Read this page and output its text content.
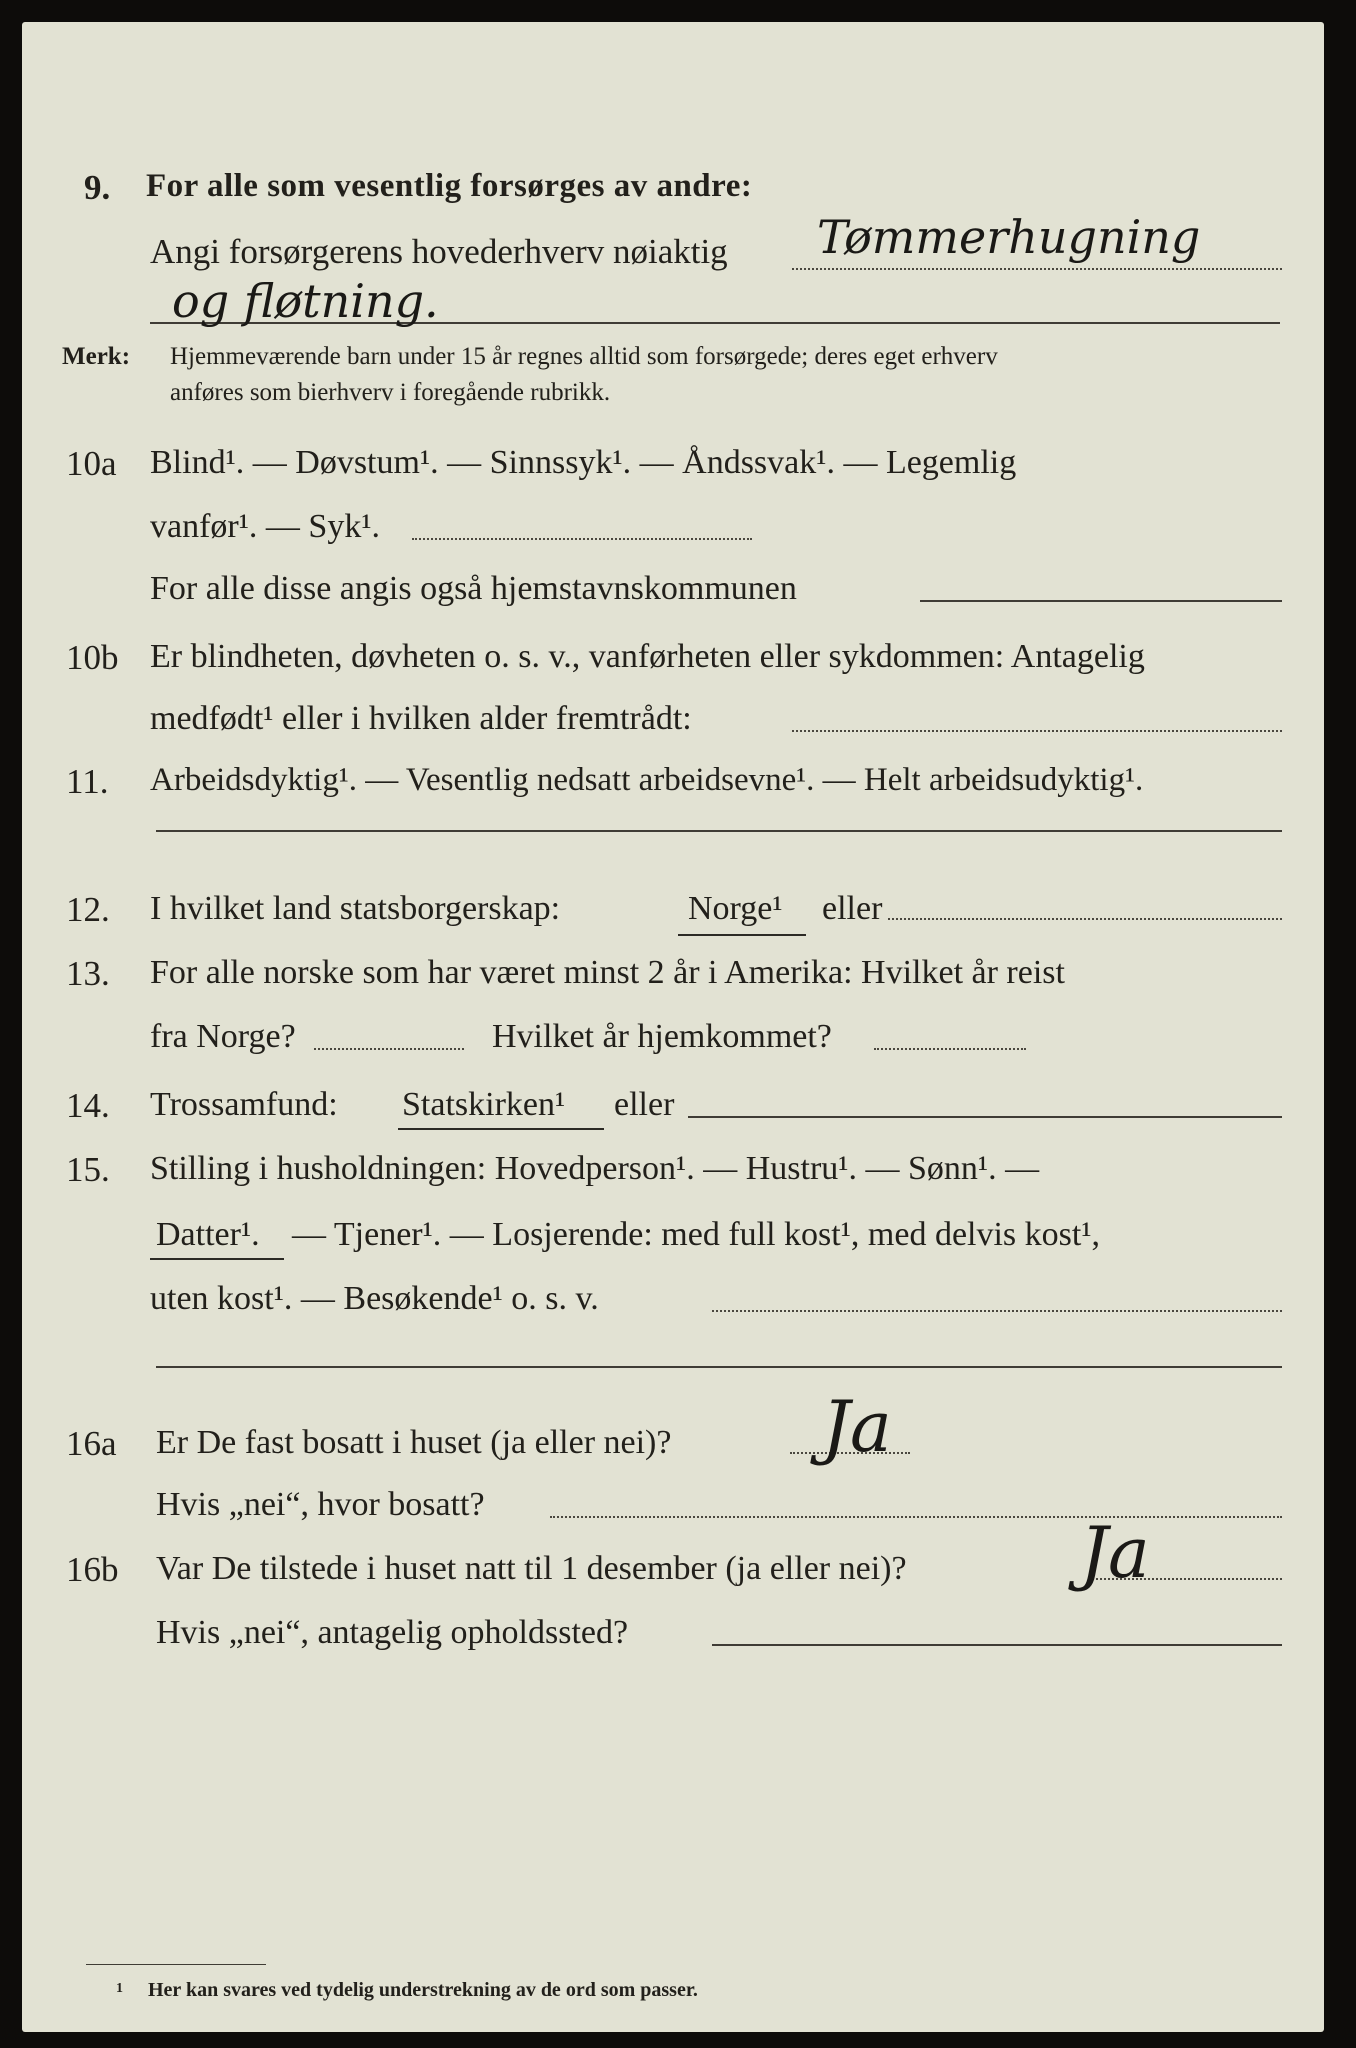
9. For alle som vesentlig forsørges av andre:
Angi forsørgerens hovederhverv nøiaktig Tømmerhugning
og fløtning.
Merk: Hjemmeværende barn under 15 år regnes alltid som forsørgede; deres eget erhverv
anføres som bierhverv i foregående rubrikk.
10a Blind¹. — Døvstum¹. — Sinnssyk¹. — Åndssvak¹. — Legemlig
vanfør¹. — Syk¹.
For alle disse angis også hjemstavnskommunen
10b Er blindheten, døvheten o. s. v., vanførheten eller sykdommen: Antagelig
medfødt¹ eller i hvilken alder fremtrådt:
11. Arbeidsdyktig¹. — Vesentlig nedsatt arbeidsevne¹. — Helt arbeidsudyktig¹.
12. I hvilket land statsborgerskap:	Norge¹ eller
13. For alle norske som har været minst 2 år i Amerika: Hvilket år reist
fra Norge?	Hvilket år hjemkommet?
14. Trossamfund: Statskirken¹ eller
15. Stilling i husholdningen: Hovedperson¹. — Hustru¹. — Sønn¹. —
Datter¹. — Tjener¹. — Losjerende: med full kost¹, med delvis kost¹,
uten kost¹. — Besøkende¹ o. s. v.
16a Er De fast bosatt i huset (ja eller nei)? Ja
Hvis „nei“, hvor bosatt?
16b Var De tilstede i huset natt til 1 desember (ja eller nei)? Ja
Hvis „nei“, antagelig opholdssted?
1 Her kan svares ved tydelig understrekning av de ord som passer.
